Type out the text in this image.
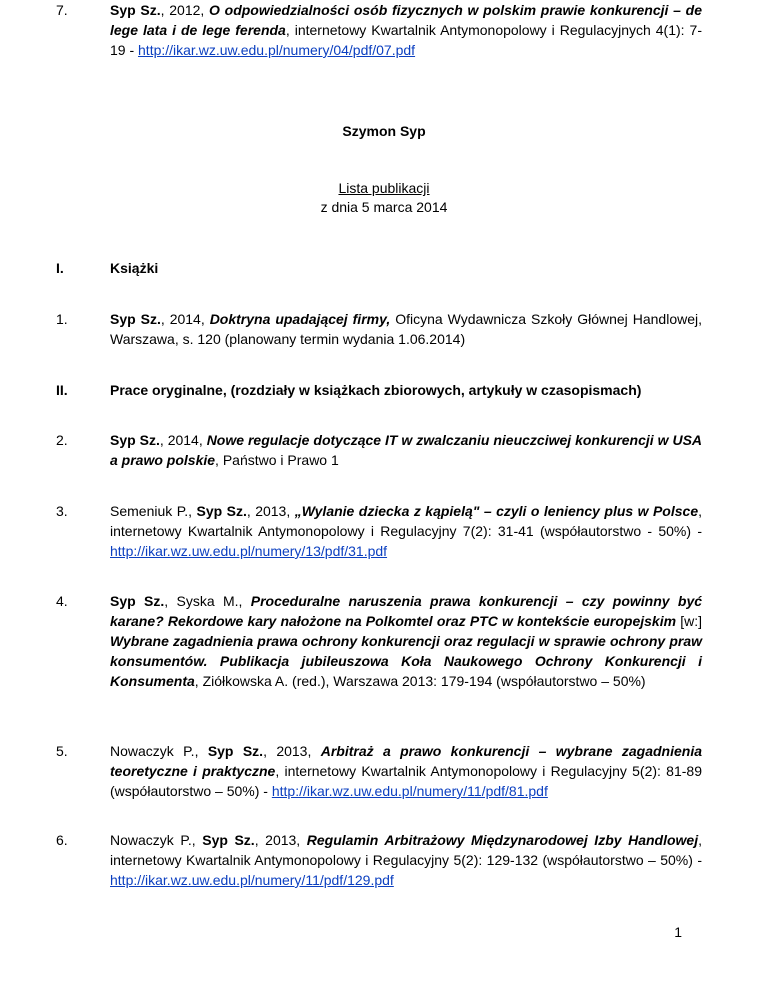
Szymon Syp
Lista publikacji
z dnia 5 marca 2014
I.	Książki
1.	Syp Sz., 2014, Doktryna upadającej firmy, Oficyna Wydawnicza Szkoły Głównej Handlowej, Warszawa, s. 120 (planowany termin wydania 1.06.2014)
II.	Prace oryginalne, (rozdziały w książkach zbiorowych, artykuły w czasopismach)
2.	Syp Sz., 2014, Nowe regulacje dotyczące IT w zwalczaniu nieuczciwej konkurencji w USA a prawo polskie, Państwo i Prawo 1
3.	Semeniuk P., Syp Sz., 2013, „Wylanie dziecka z kąpielą" – czyli o leniency plus w Polsce, internetowy Kwartalnik Antymonopolowy i Regulacyjny 7(2): 31-41 (współautorstwo - 50%) - http://ikar.wz.uw.edu.pl/numery/13/pdf/31.pdf
4.	Syp Sz., Syska M., Proceduralne naruszenia prawa konkurencji – czy powinny być karane? Rekordowe kary nałożone na Polkomtel oraz PTC w kontekście europejskim [w:] Wybrane zagadnienia prawa ochrony konkurencji oraz regulacji w sprawie ochrony praw konsumentów. Publikacja jubileuszowa Koła Naukowego Ochrony Konkurencji i Konsumenta, Ziółkowska A. (red.), Warszawa 2013: 179-194 (współautorstwo – 50%)
5.	Nowaczyk P., Syp Sz., 2013, Arbitraż a prawo konkurencji – wybrane zagadnienia teoretyczne i praktyczne, internetowy Kwartalnik Antymonopolowy i Regulacyjny 5(2): 81-89 (współautorstwo – 50%) - http://ikar.wz.uw.edu.pl/numery/11/pdf/81.pdf
6.	Nowaczyk P., Syp Sz., 2013, Regulamin Arbitrażowy Międzynarodowej Izby Handlowej, internetowy Kwartalnik Antymonopolowy i Regulacyjny 5(2): 129-132 (współautorstwo – 50%) - http://ikar.wz.uw.edu.pl/numery/11/pdf/129.pdf
1
7.	Syp Sz., 2012, O odpowiedzialności osób fizycznych w polskim prawie konkurencji – de lege lata i de lege ferenda, internetowy Kwartalnik Antymonopolowy i Regulacyjnych 4(1): 7-19 - http://ikar.wz.uw.edu.pl/numery/04/pdf/07.pdf
